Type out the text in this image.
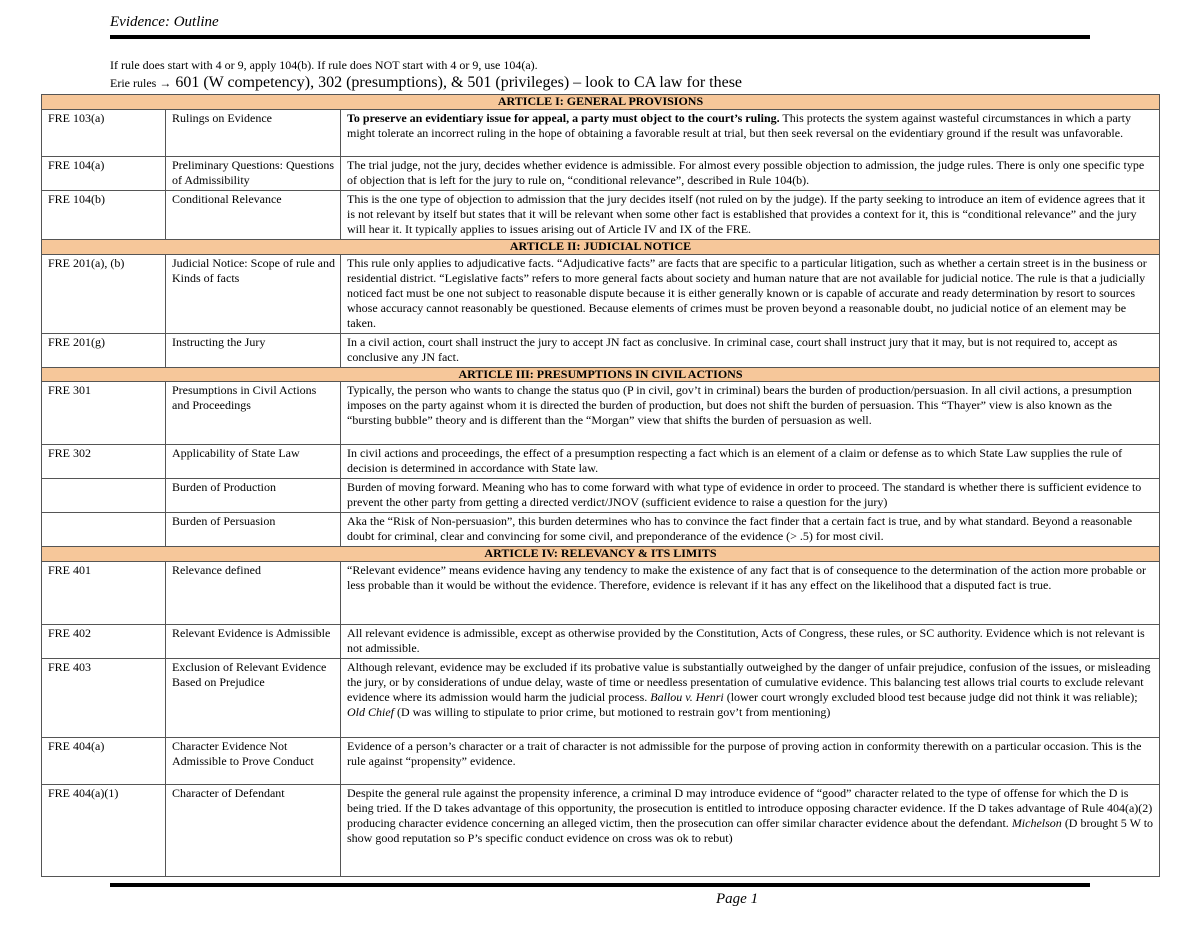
Evidence: Outline
If rule does start with 4 or 9, apply 104(b). If rule does NOT start with 4 or 9, use 104(a).
Erie rules → 601 (W competency), 302 (presumptions), & 501 (privileges) – look to CA law for these
ARTICLE I: GENERAL PROVISIONS		
FRE 103(a)	Rulings on Evidence	To preserve an evidentiary issue for appeal, a party must object to the court’s ruling. This protects the system against wasteful circumstances in which a party might tolerate an incorrect ruling in the hope of obtaining a favorable result at trial, but then seek reversal on the evidentiary ground if the result was unfavorable.
FRE 104(a)	Preliminary Questions: Questions of Admissibility	The trial judge, not the jury, decides whether evidence is admissible. For almost every possible objection to admission, the judge rules. There is only one specific type of objection that is left for the jury to rule on, “conditional relevance”, described in Rule 104(b).
FRE 104(b)	Conditional Relevance	This is the one type of objection to admission that the jury decides itself (not ruled on by the judge). If the party seeking to introduce an item of evidence agrees that it is not relevant by itself but states that it will be relevant when some other fact is established that provides a context for it, this is “conditional relevance” and the jury will hear it. It typically applies to issues arising out of Article IV and IX of the FRE.
ARTICLE II: JUDICIAL NOTICE		
FRE 201(a), (b)	Judicial Notice: Scope of rule and Kinds of facts	This rule only applies to adjudicative facts. “Adjudicative facts” are facts that are specific to a particular litigation, such as whether a certain street is in the business or residential district. “Legislative facts” refers to more general facts about society and human nature that are not available for judicial notice. The rule is that a judicially noticed fact must be one not subject to reasonable dispute because it is either generally known or is capable of accurate and ready determination by resort to sources whose accuracy cannot reasonably be questioned. Because elements of crimes must be proven beyond a reasonable doubt, no judicial notice of an element may be taken.
FRE 201(g)	Instructing the Jury	In a civil action, court shall instruct the jury to accept JN fact as conclusive. In criminal case, court shall instruct jury that it may, but is not required to, accept as conclusive any JN fact.
ARTICLE III: PRESUMPTIONS IN CIVIL ACTIONS		
FRE 301	Presumptions in Civil Actions and Proceedings	Typically, the person who wants to change the status quo (P in civil, gov’t in criminal) bears the burden of production/persuasion. In all civil actions, a presumption imposes on the party against whom it is directed the burden of production, but does not shift the burden of persuasion. This “Thayer” view is also known as the “bursting bubble” theory and is different than the “Morgan” view that shifts the burden of persuasion as well.
FRE 302	Applicability of State Law	In civil actions and proceedings, the effect of a presumption respecting a fact which is an element of a claim or defense as to which State Law supplies the rule of decision is determined in accordance with State law.
	Burden of Production	Burden of moving forward. Meaning who has to come forward with what type of evidence in order to proceed. The standard is whether there is sufficient evidence to prevent the other party from getting a directed verdict/JNOV (sufficient evidence to raise a question for the jury)
	Burden of Persuasion	Aka the “Risk of Non-persuasion”, this burden determines who has to convince the fact finder that a certain fact is true, and by what standard. Beyond a reasonable doubt for criminal, clear and convincing for some civil, and preponderance of the evidence (> .5) for most civil.
ARTICLE IV: RELEVANCY & ITS LIMITS		
FRE 401	Relevance defined	“Relevant evidence” means evidence having any tendency to make the existence of any fact that is of consequence to the determination of the action more probable or less probable than it would be without the evidence. Therefore, evidence is relevant if it has any effect on the likelihood that a disputed fact is true.
FRE 402	Relevant Evidence is Admissible	All relevant evidence is admissible, except as otherwise provided by the Constitution, Acts of Congress, these rules, or SC authority. Evidence which is not relevant is not admissible.
FRE 403	Exclusion of Relevant Evidence Based on Prejudice	Although relevant, evidence may be excluded if its probative value is substantially outweighed by the danger of unfair prejudice, confusion of the issues, or misleading the jury, or by considerations of undue delay, waste of time or needless presentation of cumulative evidence. This balancing test allows trial courts to exclude relevant evidence where its admission would harm the judicial process. Ballou v. Henri (lower court wrongly excluded blood test because judge did not think it was reliable); Old Chief (D was willing to stipulate to prior crime, but motioned to restrain gov’t from mentioning)
FRE 404(a)	Character Evidence Not Admissible to Prove Conduct	Evidence of a person’s character or a trait of character is not admissible for the purpose of proving action in conformity therewith on a particular occasion. This is the rule against “propensity” evidence.
FRE 404(a)(1)	Character of Defendant	Despite the general rule against the propensity inference, a criminal D may introduce evidence of “good” character related to the type of offense for which the D is being tried. If the D takes advantage of this opportunity, the prosecution is entitled to introduce opposing character evidence. If the D takes advantage of Rule 404(a)(2) producing character evidence concerning an alleged victim, then the prosecution can offer similar character evidence about the defendant. Michelson (D brought 5 W to show good reputation so P’s specific conduct evidence on cross was ok to rebut)
Page 1
